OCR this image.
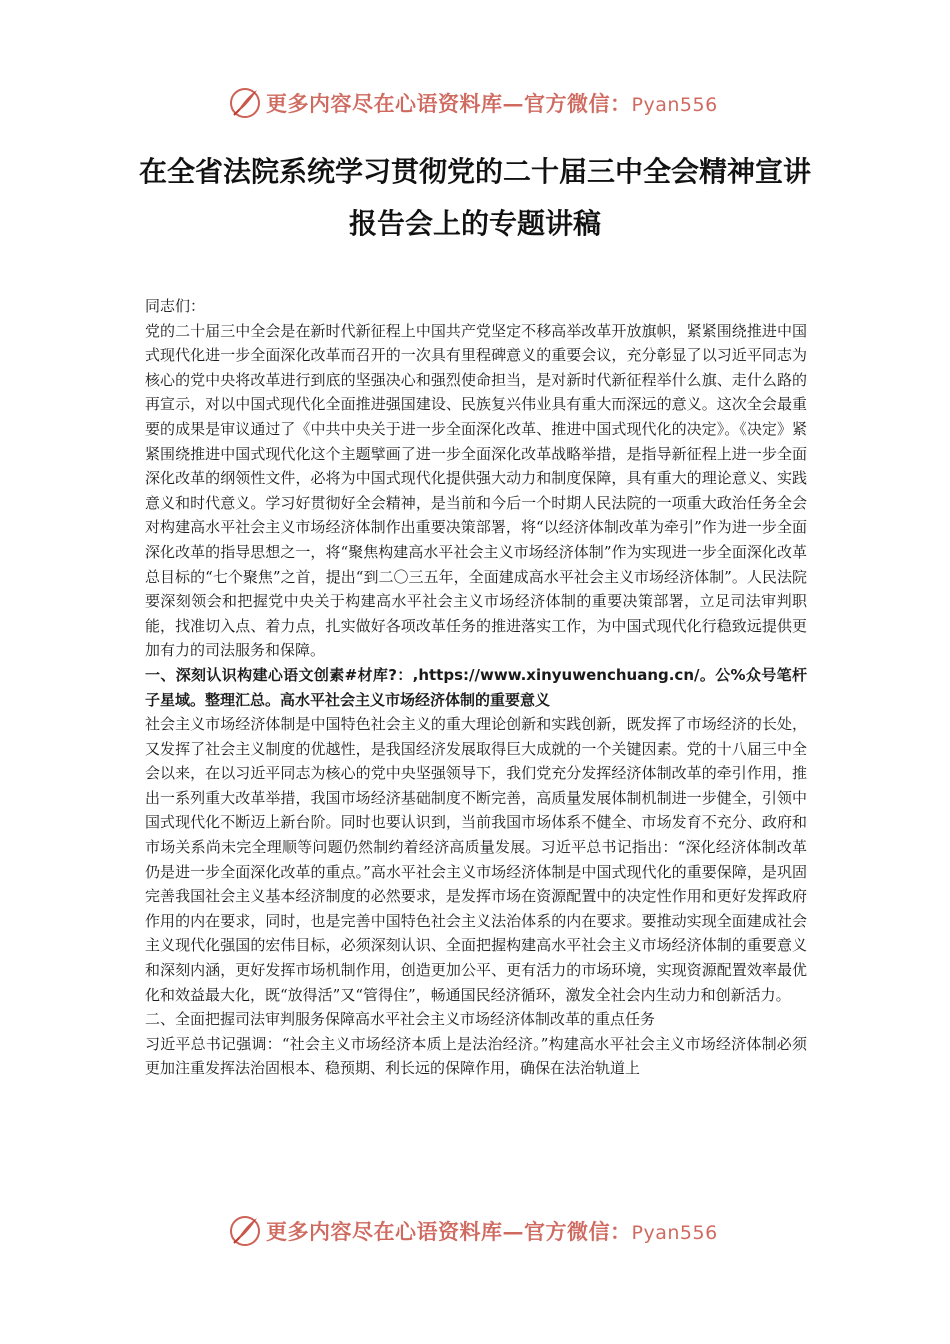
更多内容尽在心语资料库—官方微信：Pyan556
在全省法院系统学习贯彻党的二十届三中全会精神宣讲报告会上的专题讲稿

同志们：

党的二十届三中全会是在新时代新征程上中国共产党坚定不移高举改革开放旗帜，紧紧围绕推进中国式现代化进一步全面深化改革而召开的一次具有里程碑意义的重要会议，充分彰显了以习近平同志为核心的党中央将改革进行到底的坚强决心和强烈使命担当，是对新时代新征程举什么旗、走什么路的再宣示，对以中国式现代化全面推进强国建设、民族复兴伟业具有重大而深远的意义。这次全会最重要的成果是审议通过了《中共中央关于进一步全面深化改革、推进中国式现代化的决定》。《决定》紧紧围绕推进中国式现代化这个主题擘画了进一步全面深化改革战略举措，是指导新征程上进一步全面深化改革的纲领性文件，必将为中国式现代化提供强大动力和制度保障，具有重大的理论意义、实践意义和时代意义。学习好贯彻好全会精神，是当前和今后一个时期人民法院的一项重大政治任务全会对构建高水平社会主义市场经济体制作出重要决策部署，将“以经济体制改革为牵引”作为进一步全面深化改革的指导思想之一，将“聚焦构建高水平社会主义市场经济体制”作为实现进一步全面深化改革总目标的“七个聚焦”之首，提出“到二〇三五年，全面建成高水平社会主义市场经济体制”。人民法院要深刻领会和把握党中央关于构建高水平社会主义市场经济体制的重要决策部署，立足司法审判职能，找准切入点、着力点，扎实做好各项改革任务的推进落实工作，为中国式现代化行稳致远提供更加有力的司法服务和保障。

一、深刻认识构建心语文创素#材库?：,https://www.xinyuwenchuang.cn/。公%众号笔杆子星域。整理汇总。高水平社会主义市场经济体制的重要意义

社会主义市场经济体制是中国特色社会主义的重大理论创新和实践创新，既发挥了市场经济的长处，又发挥了社会主义制度的优越性，是我国经济发展取得巨大成就的一个关键因素。党的十八届三中全会以来，在以习近平同志为核心的党中央坚强领导下，我们党充分发挥经济体制改革的牵引作用，推出一系列重大改革举措，我国市场经济基础制度不断完善，高质量发展体制机制进一步健全，引领中国式现代化不断迈上新台阶。同时也要认识到，当前我国市场体系不健全、市场发育不充分、政府和市场关系尚未完全理顺等问题仍然制约着经济高质量发展。习近平总书记指出：“深化经济体制改革仍是进一步全面深化改革的重点。”高水平社会主义市场经济体制是中国式现代化的重要保障，是巩固完善我国社会主义基本经济制度的必然要求，是发挥市场在资源配置中的决定性作用和更好发挥政府作用的内在要求，同时，也是完善中国特色社会主义法治体系的内在要求。要推动实现全面建成社会主义现代化强国的宏伟目标，必须深刻认识、全面把握构建高水平社会主义市场经济体制的重要意义和深刻内涵，更好发挥市场机制作用，创造更加公平、更有活力的市场环境，实现资源配置效率最优化和效益最大化，既“放得活”又“管得住”，畅通国民经济循环，激发全社会内生动力和创新活力。

二、全面把握司法审判服务保障高水平社会主义市场经济体制改革的重点任务

习近平总书记强调：“社会主义市场经济本质上是法治经济。”构建高水平社会主义市场经济体制必须更加注重发挥法治固根本、稳预期、利长远的保障作用，确保在法治轨道上

更多内容尽在心语资料库—官方微信：Pyan556
